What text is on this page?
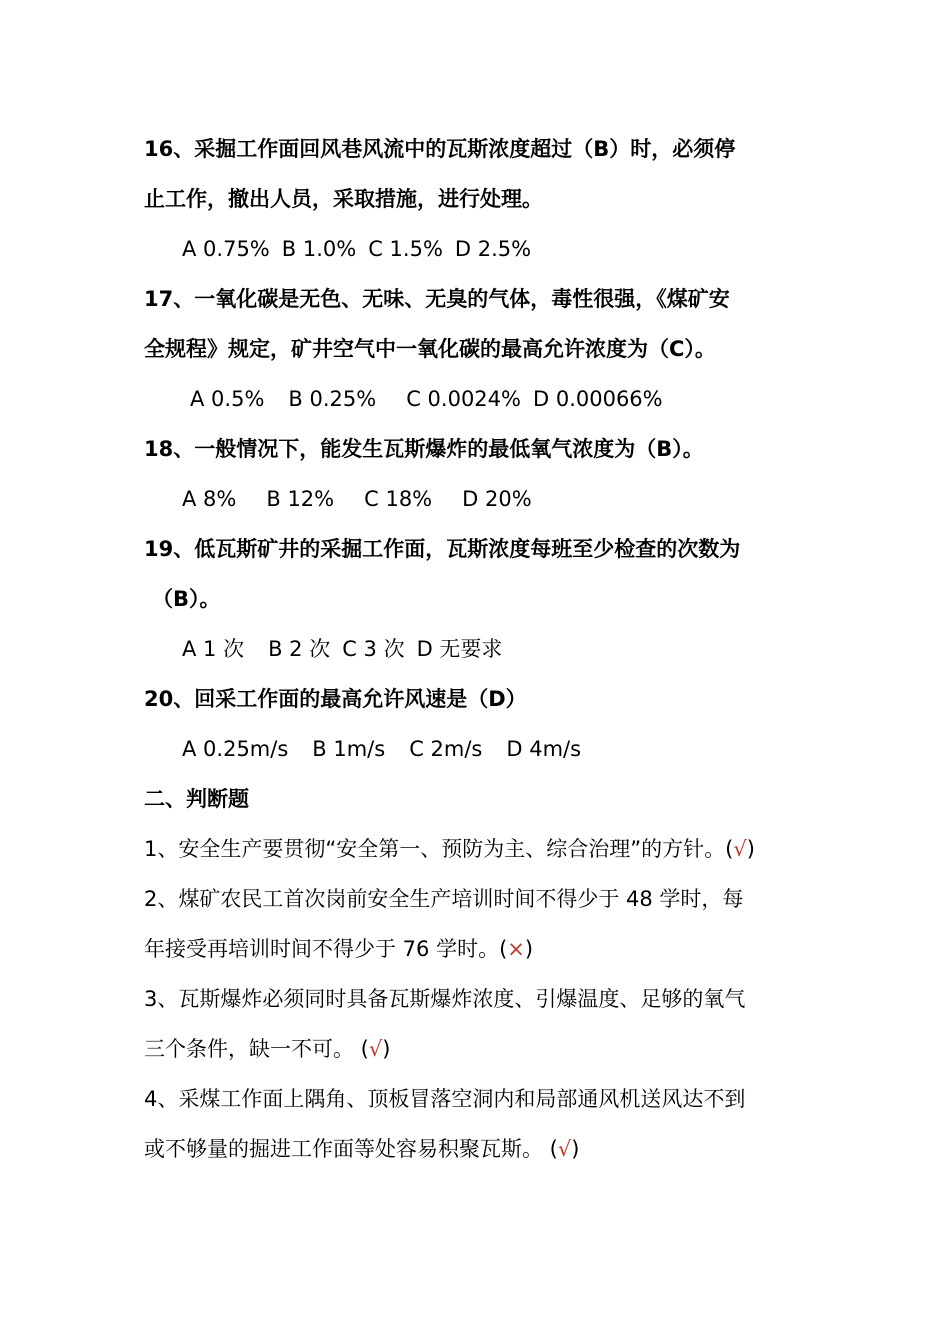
16、采掘工作面回风巷风流中的瓦斯浓度超过（B）时，必须停
止工作，撤出人员，采取措施，进行处理。
A 0.75% B 1.0% C 1.5% D 2.5%
17、一氧化碳是无色、无味、无臭的气体，毒性很强，《煤矿安
全规程》规定，矿井空气中一氧化碳的最高允许浓度为（C）。
A 0.5% B 0.25% C 0.0024% D 0.00066%
18、一般情况下，能发生瓦斯爆炸的最低氧气浓度为（B）。
A 8% B 12% C 18% D 20%
19、低瓦斯矿井的采掘工作面，瓦斯浓度每班至少检查的次数为
（B）。
A 1 次 B 2 次 C 3 次 D 无要求
20、回采工作面的最高允许风速是（D）
A 0.25m/s B 1m/s C 2m/s D 4m/s
二、判断题
1、安全生产要贯彻“安全第一、预防为主、综合治理”的方针。(√)
2、煤矿农民工首次岗前安全生产培训时间不得少于 48 学时，每
年接受再培训时间不得少于 76 学时。(×)
3、瓦斯爆炸必须同时具备瓦斯爆炸浓度、引爆温度、足够的氧气
三个条件，缺一不可。 (√)
4、采煤工作面上隅角、顶板冒落空洞内和局部通风机送风达不到
或不够量的掘进工作面等处容易积聚瓦斯。 (√)
